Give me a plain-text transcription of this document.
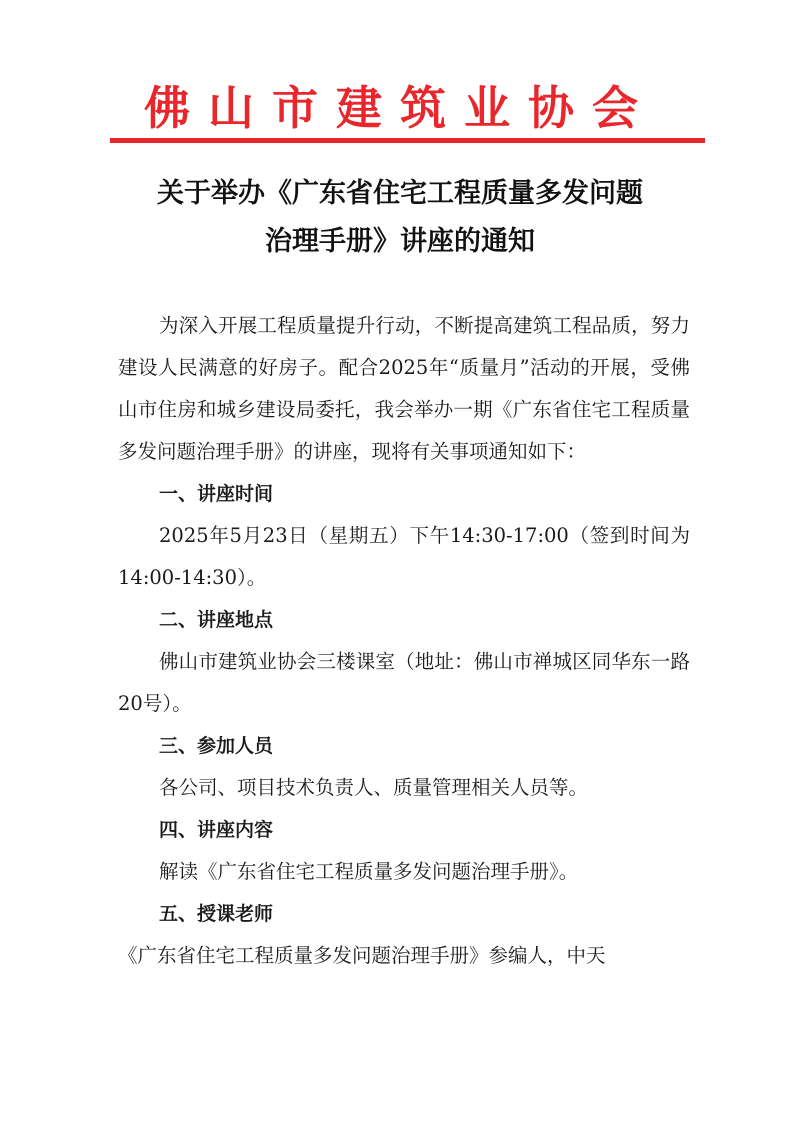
佛山市建筑业协会
关于举办《广东省住宅工程质量多发问题
治理手册》讲座的通知

为深入开展工程质量提升行动，不断提高建筑工程品质，努力建设人民满意的好房子。配合2025年“质量月”活动的开展，受佛山市住房和城乡建设局委托，我会举办一期《广东省住宅工程质量多发问题治理手册》的讲座，现将有关事项通知如下：

一、讲座时间

2025年5月23日（星期五）下午14:30-17:00（签到时间为14:00-14:30）。

二、讲座地点

佛山市建筑业协会三楼课室（地址：佛山市禅城区同华东一路20号）。

三、参加人员

各公司、项目技术负责人、质量管理相关人员等。

四、讲座内容

解读《广东省住宅工程质量多发问题治理手册》。

五、授课老师

《广东省住宅工程质量多发问题治理手册》参编人，中天
